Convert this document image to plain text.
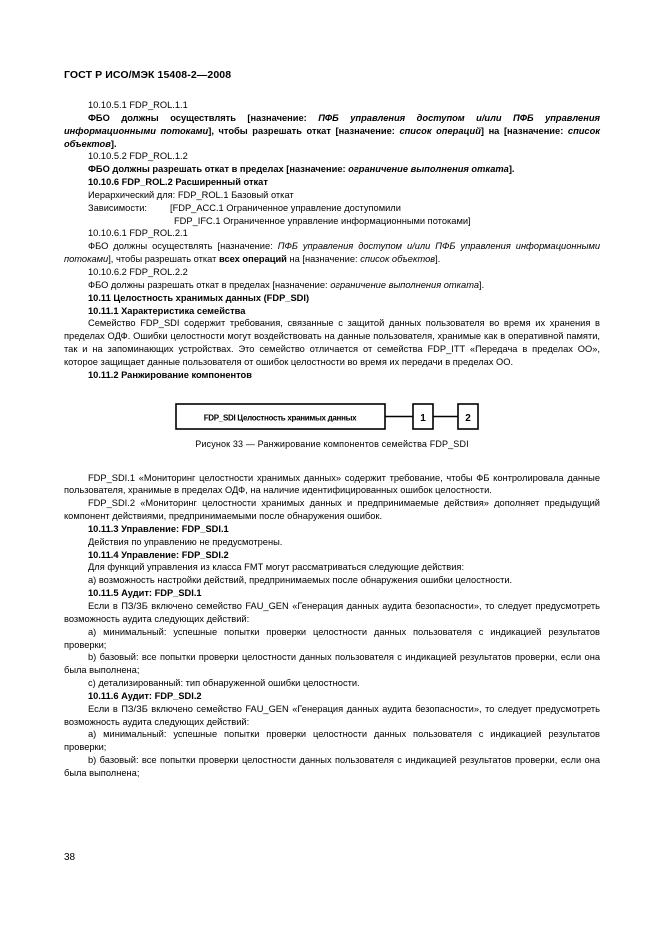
ГОСТ Р ИСО/МЭК 15408-2—2008

10.10.5.1 FDP_ROL.1.1

ФБО должны осуществлять [назначение: ПФБ управления доступом и/или ПФБ управления информационными потоками], чтобы разрешать откат [назначение: список операций] на [назначение: список объектов].

10.10.5.2 FDP_ROL.1.2

ФБО должны разрешать откат в пределах [назначение: ограничение выполнения отката].

10.10.6 FDP_ROL.2 Расширенный откат

Иерархический для: FDP_ROL.1 Базовый откат

Зависимости:	[FDP_ACC.1 Ограниченное управление доступомили
FDP_IFC.1 Ограниченное управление информационными потоками]

10.10.6.1 FDP_ROL.2.1

ФБО должны осуществлять [назначение: ПФБ управления доступом и/или ПФБ управления информационными потоками], чтобы разрешать откат всех операций на [назначение: список объектов].

10.10.6.2 FDP_ROL.2.2

ФБО должны разрешать откат в пределах [назначение: ограничение выполнения отката].

10.11 Целостность хранимых данных (FDP_SDI)

10.11.1 Характеристика семейства

Семейство FDP_SDI содержит требования, связанные с защитой данных пользователя во время их хранения в пределах ОДФ. Ошибки целостности могут воздействовать на данные пользователя, хранимые как в оперативной памяти, так и на запоминающих устройствах. Это семейство отличается от семейства FDP_ITT «Передача в пределах ОО», которое защищает данные пользователя от ошибок целостности во время их передачи в пределах ОО.

10.11.2 Ранжирование компонентов

FDP_SDI Целостность хранимых данных	1	2
Рисунок 33 — Ранжирование компонентов семейства FDP_SDI

FDP_SDI.1 «Мониторинг целостности хранимых данных» содержит требование, чтобы ФБ контролировала данные пользователя, хранимые в пределах ОДФ, на наличие идентифицированных ошибок целостности.

FDP_SDI.2 «Мониторинг целостности хранимых данных и предпринимаемые действия» дополняет предыдущий компонент действиями, предпринимаемыми после обнаружения ошибок.

10.11.3 Управление: FDP_SDI.1

Действия по управлению не предусмотрены.

10.11.4 Управление: FDP_SDI.2

Для функций управления из класса FMT могут рассматриваться следующие действия:

а) возможность настройки действий, предпринимаемых после обнаружения ошибки целостности.

10.11.5 Аудит: FDP_SDI.1

Если в ПЗ/ЗБ включено семейство FAU_GEN «Генерация данных аудита безопасности», то следует предусмотреть возможность аудита следующих действий:

а) минимальный: успешные попытки проверки целостности данных пользователя с индикацией результатов проверки;

b) базовый: все попытки проверки целостности данных пользователя с индикацией результатов проверки, если она была выполнена;

c) детализированный: тип обнаруженной ошибки целостности.

10.11.6 Аудит: FDP_SDI.2

Если в ПЗ/ЗБ включено семейство FAU_GEN «Генерация данных аудита безопасности», то следует предусмотреть возможность аудита следующих действий:

а) минимальный: успешные попытки проверки целостности данных пользователя с индикацией результатов проверки;

b) базовый: все попытки проверки целостности данных пользователя с индикацией результатов проверки, если она была выполнена;

38
